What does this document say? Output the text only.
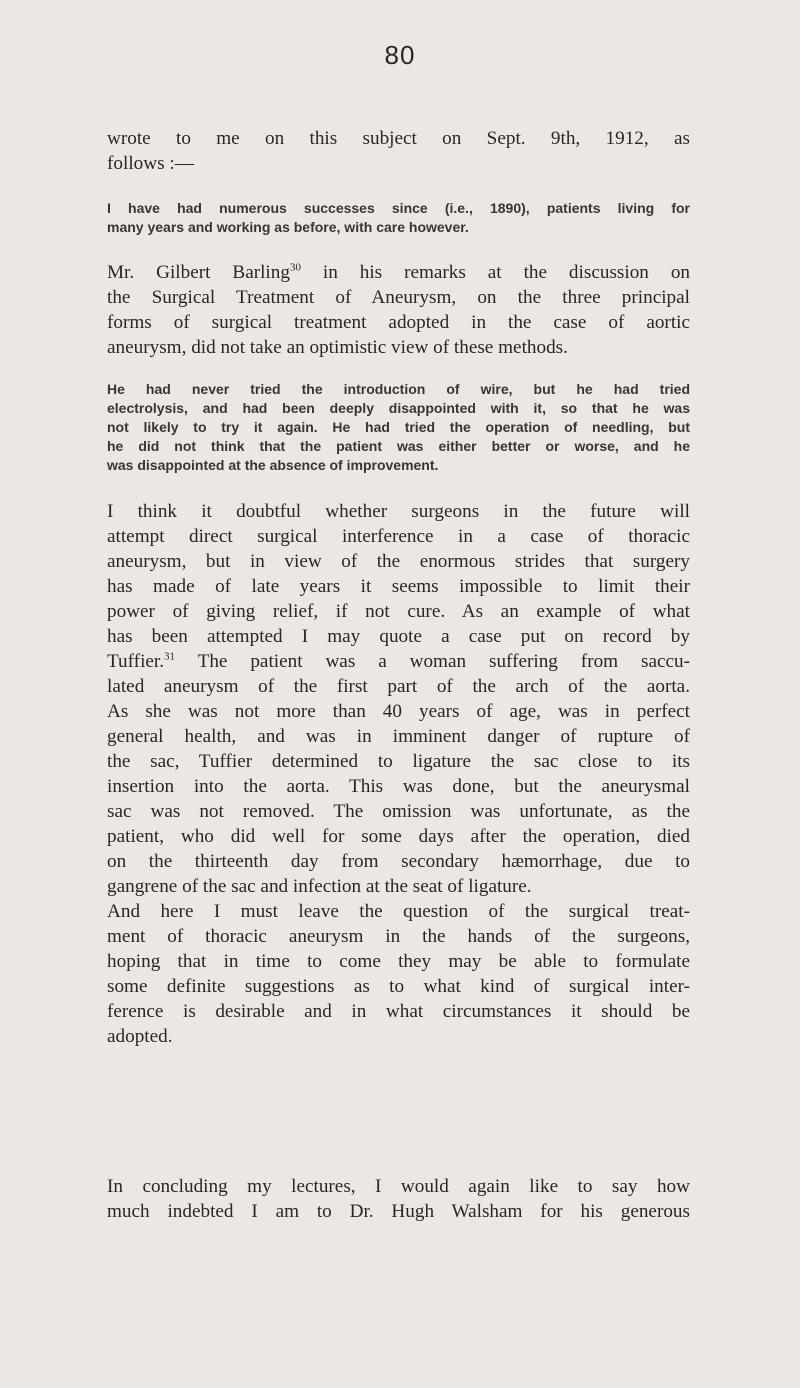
80
wrote to me on this subject on Sept. 9th, 1912, as
follows :—
I have had numerous successes since (i.e., 1890), patients living for
many years and working as before, with care however.
Mr. Gilbert Barling$^{30}$ in his remarks at the discussion on
the Surgical Treatment of Aneurysm, on the three principal
forms of surgical treatment adopted in the case of aortic
aneurysm, did not take an optimistic view of these methods.
He had never tried the introduction of wire, but he had tried
electrolysis, and had been deeply disappointed with it, so that he was
not likely to try it again. He had tried the operation of needling, but
he did not think that the patient was either better or worse, and he
was disappointed at the absence of improvement.
I think it doubtful whether surgeons in the future will
attempt direct surgical interference in a case of thoracic
aneurysm, but in view of the enormous strides that surgery
has made of late years it seems impossible to limit their
power of giving relief, if not cure. As an example of what
has been attempted I may quote a case put on record by
Tuffier.$^{31}$ The patient was a woman suffering from saccu-
lated aneurysm of the first part of the arch of the aorta.
As she was not more than 40 years of age, was in perfect
general health, and was in imminent danger of rupture of
the sac, Tuffier determined to ligature the sac close to its
insertion into the aorta. This was done, but the aneurysmal
sac was not removed. The omission was unfortunate, as the
patient, who did well for some days after the operation, died
on the thirteenth day from secondary hæmorrhage, due to
gangrene of the sac and infection at the seat of ligature.
And here I must leave the question of the surgical treat-
ment of thoracic aneurysm in the hands of the surgeons,
hoping that in time to come they may be able to formulate
some definite suggestions as to what kind of surgical inter-
ference is desirable and in what circumstances it should be
adopted.
In concluding my lectures, I would again like to say how
much indebted I am to Dr. Hugh Walsham for his generous
